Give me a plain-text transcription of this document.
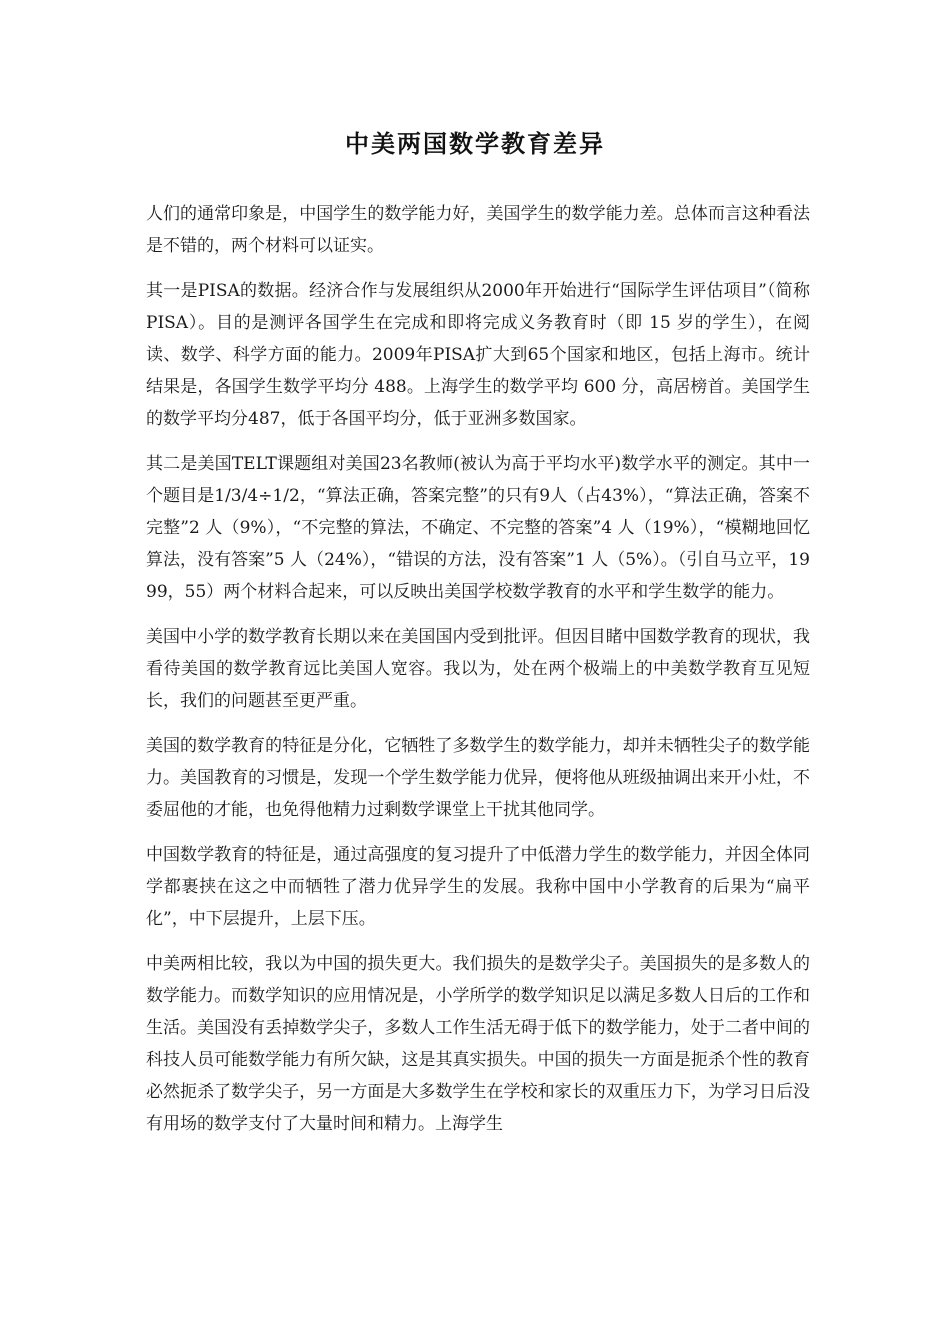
中美两国数学教育差异

人们的通常印象是，中国学生的数学能力好，美国学生的数学能力差。总体而言这种看法是不错的，两个材料可以证实。

其一是PISA的数据。经济合作与发展组织从2000年开始进行“国际学生评估项目”（简称 PISA）。目的是测评各国学生在完成和即将完成义务教育时（即 15 岁的学生），在阅读、数学、科学方面的能力。2009年PISA扩大到65个国家和地区，包括上海市。统计结果是，各国学生数学平均分 488。上海学生的数学平均 600 分，高居榜首。美国学生的数学平均分487，低于各国平均分，低于亚洲多数国家。

其二是美国TELT课题组对美国23名教师(被认为高于平均水平)数学水平的测定。其中一个题目是1/3/4÷1/2，“算法正确，答案完整”的只有9人（占43%），“算法正确，答案不完整”2 人（9%），“不完整的算法，不确定、不完整的答案”4 人（19%），“模糊地回忆算法，没有答案”5 人（24%），“错误的方法，没有答案”1 人（5%）。（引自马立平，1999，55）两个材料合起来，可以反映出美国学校数学教育的水平和学生数学的能力。

美国中小学的数学教育长期以来在美国国内受到批评。但因目睹中国数学教育的现状，我看待美国的数学教育远比美国人宽容。我以为，处在两个极端上的中美数学教育互见短长，我们的问题甚至更严重。

美国的数学教育的特征是分化，它牺牲了多数学生的数学能力，却并未牺牲尖子的数学能力。美国教育的习惯是，发现一个学生数学能力优异，便将他从班级抽调出来开小灶，不委屈他的才能，也免得他精力过剩数学课堂上干扰其他同学。

中国数学教育的特征是，通过高强度的复习提升了中低潜力学生的数学能力，并因全体同学都裹挟在这之中而牺牲了潜力优异学生的发展。我称中国中小学教育的后果为“扁平化”，中下层提升，上层下压。

中美两相比较，我以为中国的损失更大。我们损失的是数学尖子。美国损失的是多数人的数学能力。而数学知识的应用情况是，小学所学的数学知识足以满足多数人日后的工作和生活。美国没有丢掉数学尖子，多数人工作生活无碍于低下的数学能力，处于二者中间的科技人员可能数学能力有所欠缺，这是其真实损失。中国的损失一方面是扼杀个性的教育必然扼杀了数学尖子，另一方面是大多数学生在学校和家长的双重压力下，为学习日后没有用场的数学支付了大量时间和精力。上海学生
